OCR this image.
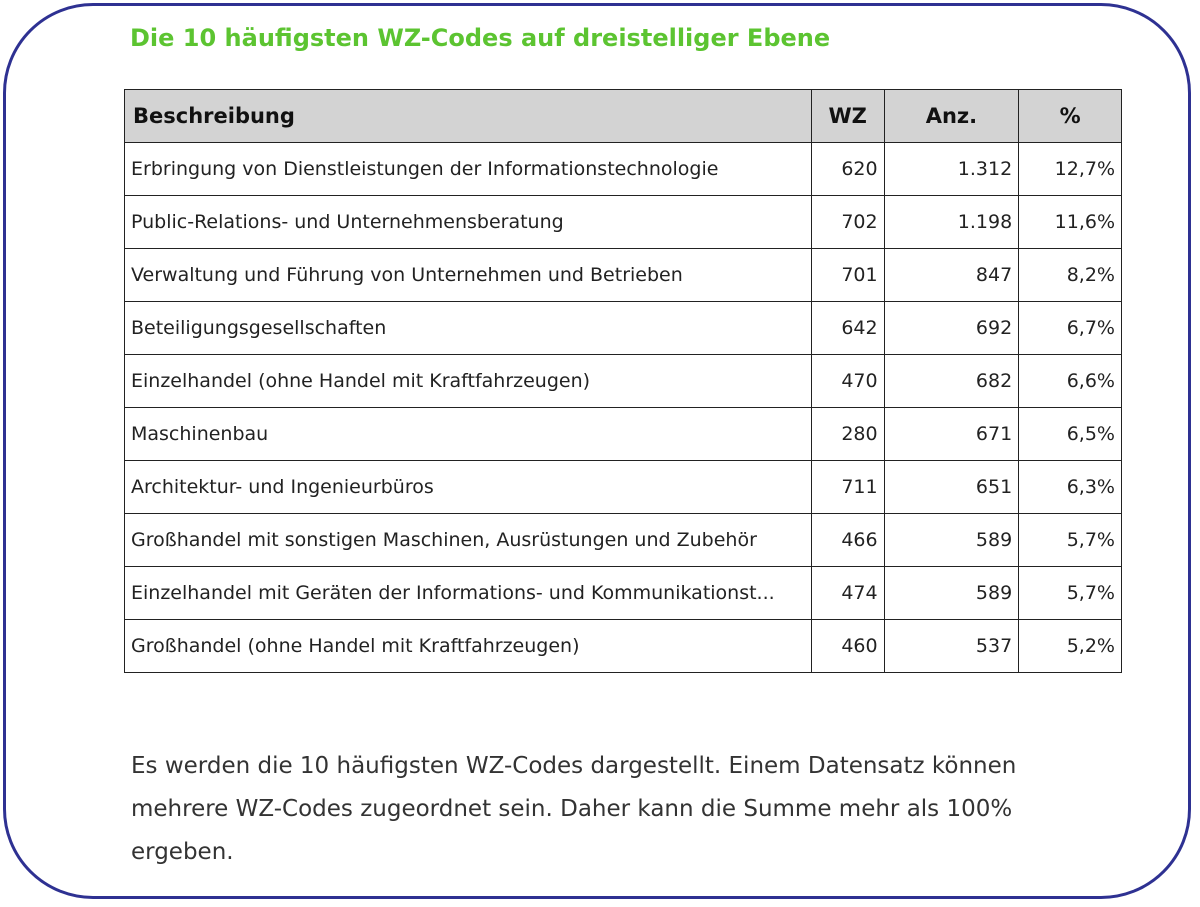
Die 10 häufigsten WZ-Codes auf dreistelliger Ebene
Beschreibung	WZ	Anz.	%
Erbringung von Dienstleistungen der Informationstechnologie	620	1.312	12,7%
Public-Relations- und Unternehmensberatung	702	1.198	11,6%
Verwaltung und Führung von Unternehmen und Betrieben	701	847	8,2%
Beteiligungsgesellschaften	642	692	6,7%
Einzelhandel (ohne Handel mit Kraftfahrzeugen)	470	682	6,6%
Maschinenbau	280	671	6,5%
Architektur- und Ingenieurbüros	711	651	6,3%
Großhandel mit sonstigen Maschinen, Ausrüstungen und Zubehör	466	589	5,7%
Einzelhandel mit Geräten der Informations- und Kommunikationst...	474	589	5,7%
Großhandel (ohne Handel mit Kraftfahrzeugen)	460	537	5,2%

Es werden die 10 häufigsten WZ-Codes dargestellt. Einem Datensatz können mehrere WZ-Codes zugeordnet sein. Daher kann die Summe mehr als 100% ergeben.
